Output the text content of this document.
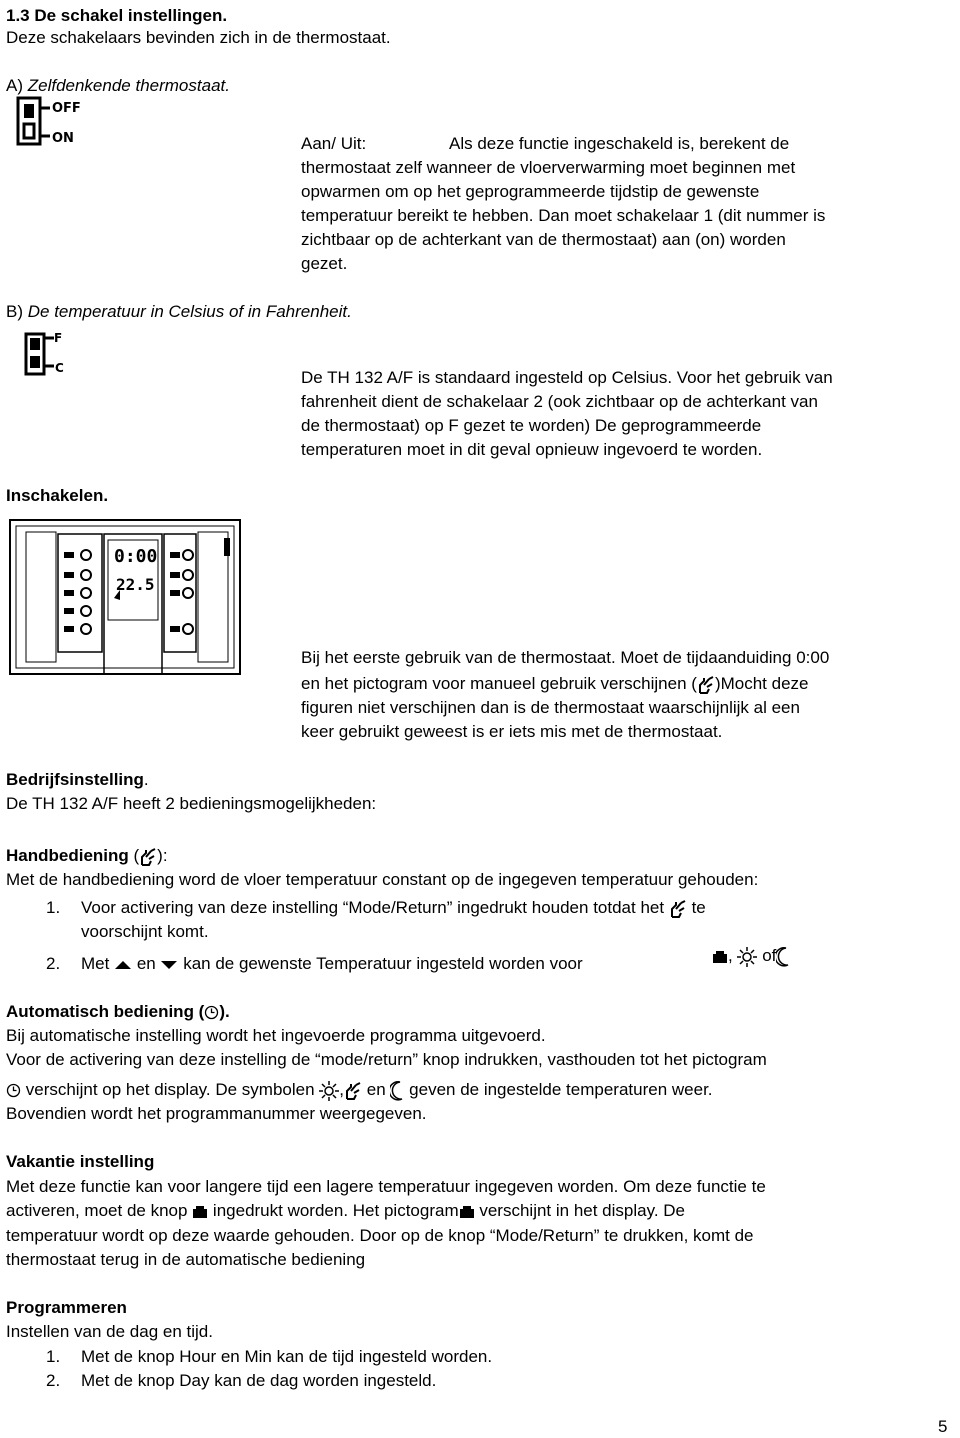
1.3 De schakel instellingen.
Deze schakelaars bevinden zich in de thermostaat.
A) Zelfdenkende thermostaat.
OFF
ON	Aan/ Uit:	Als deze functie ingeschakeld is, berekent de
thermostaat zelf wanneer de vloerverwarming moet beginnen met
opwarmen om op het geprogrammeerde tijdstip de gewenste
temperatuur bereikt te hebben. Dan moet schakelaar 1 (dit nummer is
zichtbaar op de achterkant van de thermostaat) aan (on) worden
gezet.
B) De temperatuur in Celsius of in Fahrenheit.
F
C	De TH 132 A/F is standaard ingesteld op Celsius. Voor het gebruik van
fahrenheit dient de schakelaar 2 (ook zichtbaar op de achterkant van
de thermostaat) op F gezet te worden) De geprogrammeerde
temperaturen moet in dit geval opnieuw ingevoerd te worden.
Inschakelen.
0:00
22.5
Bij het eerste gebruik van de thermostaat. Moet de tijdaanduiding 0:00
en het pictogram voor manueel gebruik verschijnen ( )Mocht deze
figuren niet verschijnen dan is de thermostaat waarschijnlijk al een
keer gebruikt geweest is er iets mis met de thermostaat.
Bedrijfsinstelling.
De TH 132 A/F heeft 2 bedieningsmogelijkheden:
Handbediening ( ):
Met de handbediening word de vloer temperatuur constant op de ingegeven temperatuur gehouden:
1. Voor activering van deze instelling “Mode/Return” ingedrukt houden totdat het te
voorschijnt komt.
2. Met en kan de gewenste Temperatuur ingesteld worden voor	, of
Automatisch bediening ( ).
Bij automatische instelling wordt het ingevoerde programma uitgevoerd.
Voor de activering van deze instelling de “mode/return” knop indrukken, vasthouden tot het pictogram
verschijnt op het display. De symbolen , en geven de ingestelde temperaturen weer.
Bovendien wordt het programmanummer weergegeven.
Vakantie instelling
Met deze functie kan voor langere tijd een lagere temperatuur ingegeven worden. Om deze functie te
activeren, moet de knop ingedrukt worden. Het pictogram verschijnt in het display. De
temperatuur wordt op deze waarde gehouden. Door op de knop “Mode/Return” te drukken, komt de
thermostaat terug in de automatische bediening
Programmeren
Instellen van de dag en tijd.
1. Met de knop Hour en Min kan de tijd ingesteld worden.
2. Met de knop Day kan de dag worden ingesteld.
5
